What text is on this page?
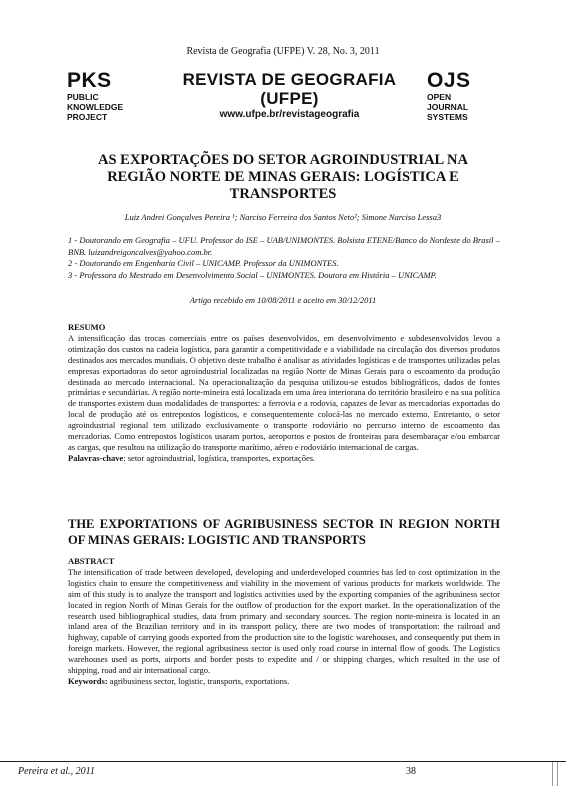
Revista de Geografia (UFPE) V. 28, No. 3, 2011
PKS
PUBLIC
KNOWLEDGE
PROJECT
REVISTA DE GEOGRAFIA
(UFPE)
www.ufpe.br/revistageografia
OJS
OPEN
JOURNAL
SYSTEMS
AS EXPORTAÇÕES DO SETOR AGROINDUSTRIAL NA
REGIÃO NORTE DE MINAS GERAIS: LOGÍSTICA E
TRANSPORTES
Luiz Andrei Gonçalves Pereira ¹; Narciso Ferreira dos Santos Neto²; Simone Narciso Lessa3
1 - Doutorando em Geografia – UFU. Professor do ISE – UAB/UNIMONTES. Bolsista ETENE/Banco do Nordeste do Brasil – BNB. luizandreigoncalves@yahoo.com.br.
2 - Doutorando em Engenharia Civil – UNICAMP. Professor da UNIMONTES.
3 - Professora do Mestrado em Desenvolvimento Social – UNIMONTES. Doutora em História – UNICAMP.
Artigo recebido em 10/08/2011 e aceito em 30/12/2011
RESUMO
A intensificação das trocas comerciais entre os países desenvolvidos, em desenvolvimento e subdesenvolvidos levou a otimização dos custos na cadeia logística, para garantir a competitividade e a viabilidade na circulação dos diversos produtos destinados aos mercados mundiais. O objetivo deste trabalho é analisar as atividades logísticas e de transportes utilizadas pelas empresas exportadoras do setor agroindustrial localizadas na região Norte de Minas Gerais para o escoamento da produção destinada ao mercado internacional. Na operacionalização da pesquisa utilizou-se estudos bibliográficos, dados de fontes primárias e secundárias. A região norte-mineira está localizada em uma área interiorana do território brasileiro e na sua política de transportes existem duas modalidades de transportes: a ferrovia e a rodovia, capazes de levar as mercadorias exportadas do local de produção até os entrepostos logísticos, e consequentemente colocá-las no mercado externo. Entretanto, o setor agroindustrial regional tem utilizado exclusivamente o transporte rodoviário no percurso interno de escoamento das mercadorias. Como entrepostos logísticos usaram portos, aeroportos e postos de fronteiras para desembaraçar e/ou embarcar as cargas, que resultou na utilização do transporte marítimo, aéreo e rodoviário internacional de cargas.
Palavras-chave: setor agroindustrial, logística, transportes, exportações.
THE EXPORTATIONS OF AGRIBUSINESS SECTOR IN REGION NORTH OF MINAS GERAIS: LOGISTIC AND TRANSPORTS
ABSTRACT
The intensification of trade between developed, developing and underdeveloped countries has led to cost optimization in the logistics chain to ensure the competitiveness and viability in the movement of various products for markets worldwide. The aim of this study is to analyze the transport and logistics activities used by the exporting companies of the agribusiness sector located in region North of Minas Gerais for the outflow of production for the export market. In the operationalization of the research used bibliographical studies, data from primary and secondary sources. The region norte-mineira is located in an inland area of the Brazilian territory and in its transport policy, there are two modes of transportation: the railroad and highway, capable of carrying goods exported from the production site to the logistic warehouses, and consequently put them in foreign markets. However, the regional agribusiness sector is used only road course in internal flow of goods. The Logistics warehouses used as ports, airports and border posts to expedite and / or shipping charges, which resulted in the use of shipping, road and air international cargo.
Keywords: agribusiness sector, logistic, transports, exportations.
Pereira et al., 2011	38
